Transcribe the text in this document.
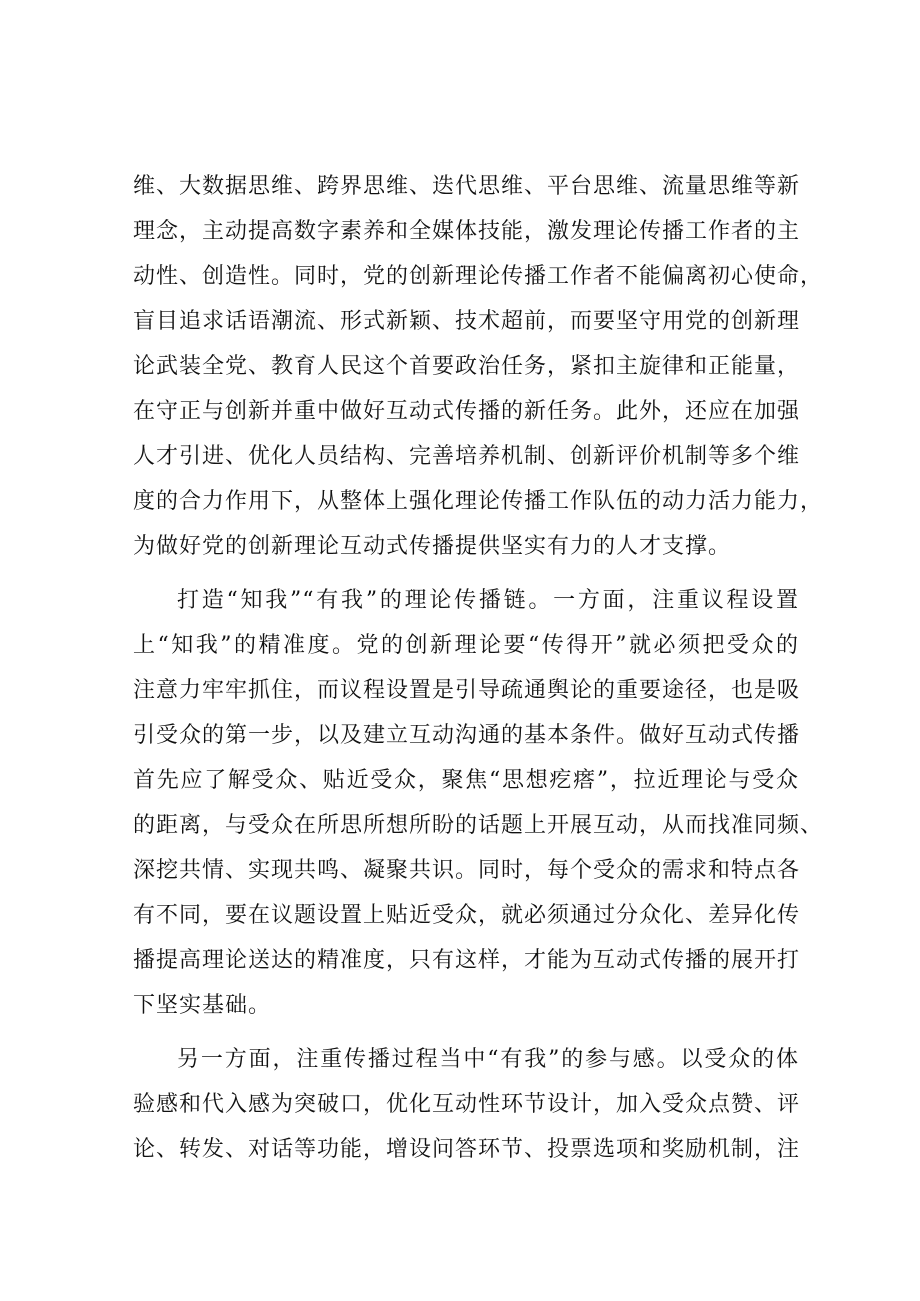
维、大数据思维、跨界思维、迭代思维、平台思维、流量思维等新
理念，主动提高数字素养和全媒体技能，激发理论传播工作者的主
动性、创造性。同时，党的创新理论传播工作者不能偏离初心使命，
盲目追求话语潮流、形式新颖、技术超前，而要坚守用党的创新理
论武装全党、教育人民这个首要政治任务，紧扣主旋律和正能量，
在守正与创新并重中做好互动式传播的新任务。此外，还应在加强
人才引进、优化人员结构、完善培养机制、创新评价机制等多个维
度的合力作用下，从整体上强化理论传播工作队伍的动力活力能力，
为做好党的创新理论互动式传播提供坚实有力的人才支撑。
打造“知我”“有我”的理论传播链。一方面，注重议程设置
上“知我”的精准度。党的创新理论要“传得开”就必须把受众的
注意力牢牢抓住，而议程设置是引导疏通舆论的重要途径，也是吸
引受众的第一步，以及建立互动沟通的基本条件。做好互动式传播
首先应了解受众、贴近受众，聚焦“思想疙瘩”，拉近理论与受众
的距离，与受众在所思所想所盼的话题上开展互动，从而找准同频、
深挖共情、实现共鸣、凝聚共识。同时，每个受众的需求和特点各
有不同，要在议题设置上贴近受众，就必须通过分众化、差异化传
播提高理论送达的精准度，只有这样，才能为互动式传播的展开打
下坚实基础。
另一方面，注重传播过程当中“有我”的参与感。以受众的体
验感和代入感为突破口，优化互动性环节设计，加入受众点赞、评
论、转发、对话等功能，增设问答环节、投票选项和奖励机制，注
